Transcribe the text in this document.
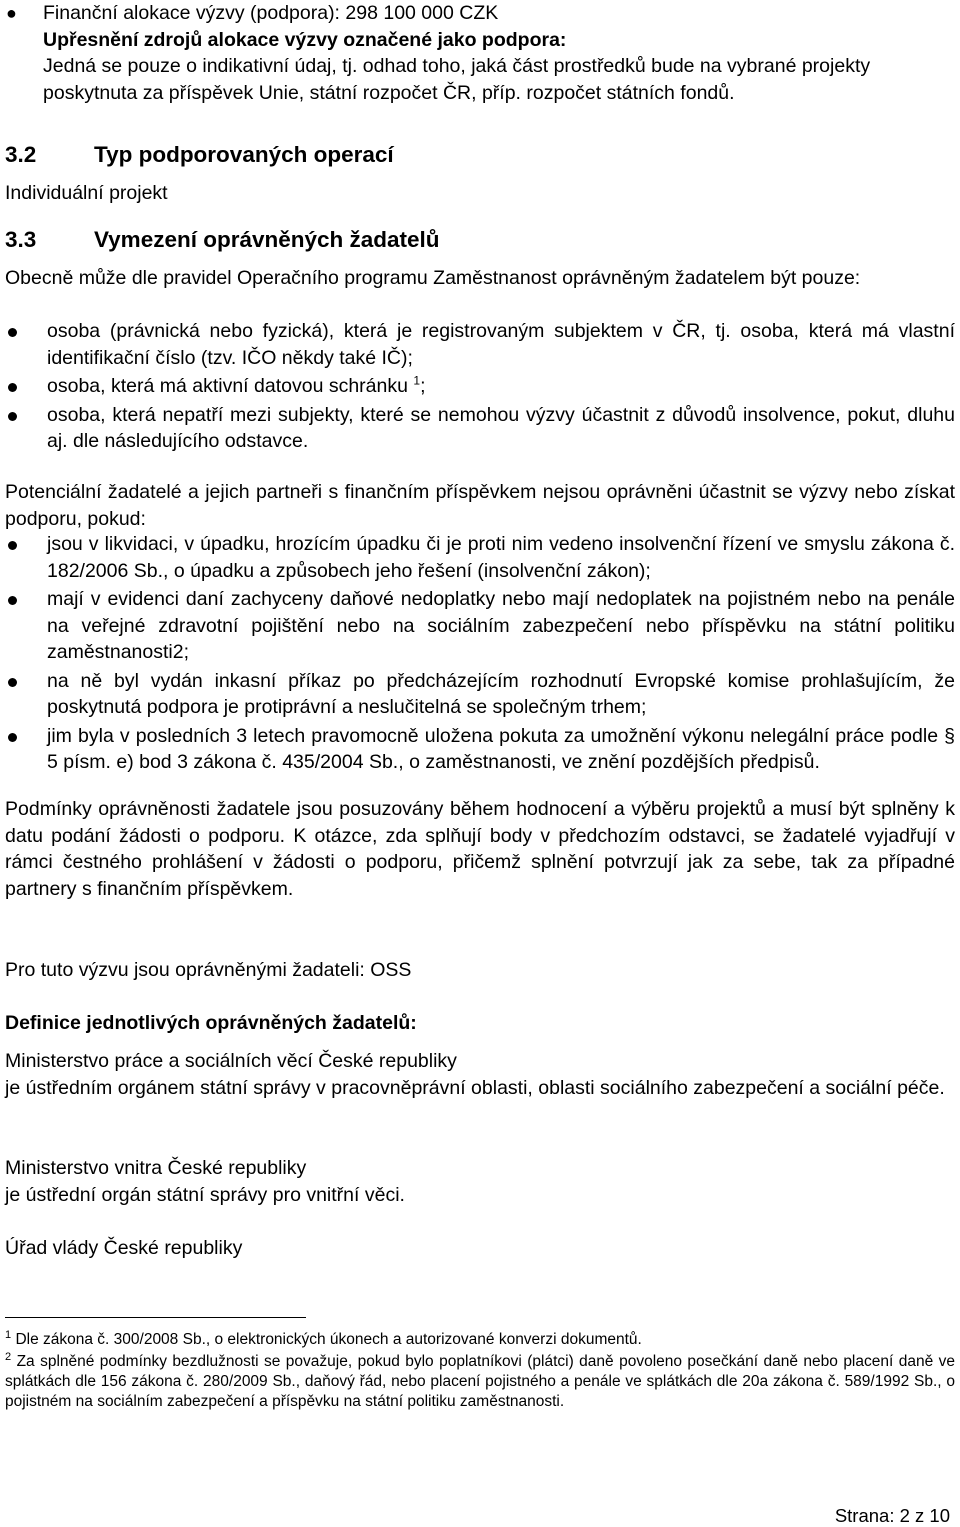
● Finanční alokace výzvy (podpora): 298 100 000 CZK

Upřesnění zdrojů alokace výzvy označené jako podpora:

Jedná se pouze o indikativní údaj, tj. odhad toho, jaká část prostředků bude na vybrané projekty poskytnuta za příspěvek Unie, státní rozpočet ČR, příp. rozpočet státních fondů.

3.2	Typ podporovaných operací

Individuální projekt

3.3	Vymezení oprávněných žadatelů

Obecně může dle pravidel Operačního programu Zaměstnanost oprávněným žadatelem být pouze:

osoba (právnická nebo fyzická), která je registrovaným subjektem v ČR, tj. osoba, která má vlastní identifikační číslo (tzv. IČO někdy také IČ);
osoba, která má aktivní datovou schránku $^1$;
osoba, která nepatří mezi subjekty, které se nemohou výzvy účastnit z důvodů insolvence, pokut, dluhu aj. dle následujícího odstavce.

Potenciální žadatelé a jejich partneři s finančním příspěvkem nejsou oprávněni účastnit se výzvy nebo získat podporu, pokud:

jsou v likvidaci, v úpadku, hrozícím úpadku či je proti nim vedeno insolvenční řízení ve smyslu zákona č. 182/2006 Sb., o úpadku a způsobech jeho řešení (insolvenční zákon);
mají v evidenci daní zachyceny daňové nedoplatky nebo mají nedoplatek na pojistném nebo na penále na veřejné zdravotní pojištění nebo na sociálním zabezpečení nebo příspěvku na státní politiku zaměstnanosti2;
na ně byl vydán inkasní příkaz po předcházejícím rozhodnutí Evropské komise prohlašujícím, že poskytnutá podpora je protiprávní a neslučitelná se společným trhem;
jim byla v posledních 3 letech pravomocně uložena pokuta za umožnění výkonu nelegální práce podle § 5 písm. e) bod 3 zákona č. 435/2004 Sb., o zaměstnanosti, ve znění pozdějších předpisů.

Podmínky oprávněnosti žadatele jsou posuzovány během hodnocení a výběru projektů a musí být splněny k datu podání žádosti o podporu. K otázce, zda splňují body v předchozím odstavci, se žadatelé vyjadřují v rámci čestného prohlášení v žádosti o podporu, přičemž splnění potvrzují jak za sebe, tak za případné partnery s finančním příspěvkem.

Pro tuto výzvu jsou oprávněnými žadateli: OSS

Definice jednotlivých oprávněných žadatelů:

Ministerstvo práce a sociálních věcí České republiky

je ústředním orgánem státní správy v pracovněprávní oblasti, oblasti sociálního zabezpečení a sociální péče.

Ministerstvo vnitra České republiky

je ústřední orgán státní správy pro vnitřní věci.

Úřad vlády České republiky

$^1$ Dle zákona č. 300/2008 Sb., o elektronických úkonech a autorizované konverzi dokumentů.
$^2$ Za splněné podmínky bezdlužnosti se považuje, pokud bylo poplatníkovi (plátci) daně povoleno posečkání daně nebo placení daně ve splátkách dle 156 zákona č. 280/2009 Sb., daňový řád, nebo placení pojistného a penále ve splátkách dle 20a zákona č. 589/1992 Sb., o pojistném na sociálním zabezpečení a příspěvku na státní politiku zaměstnanosti.
Strana: 2 z 10
